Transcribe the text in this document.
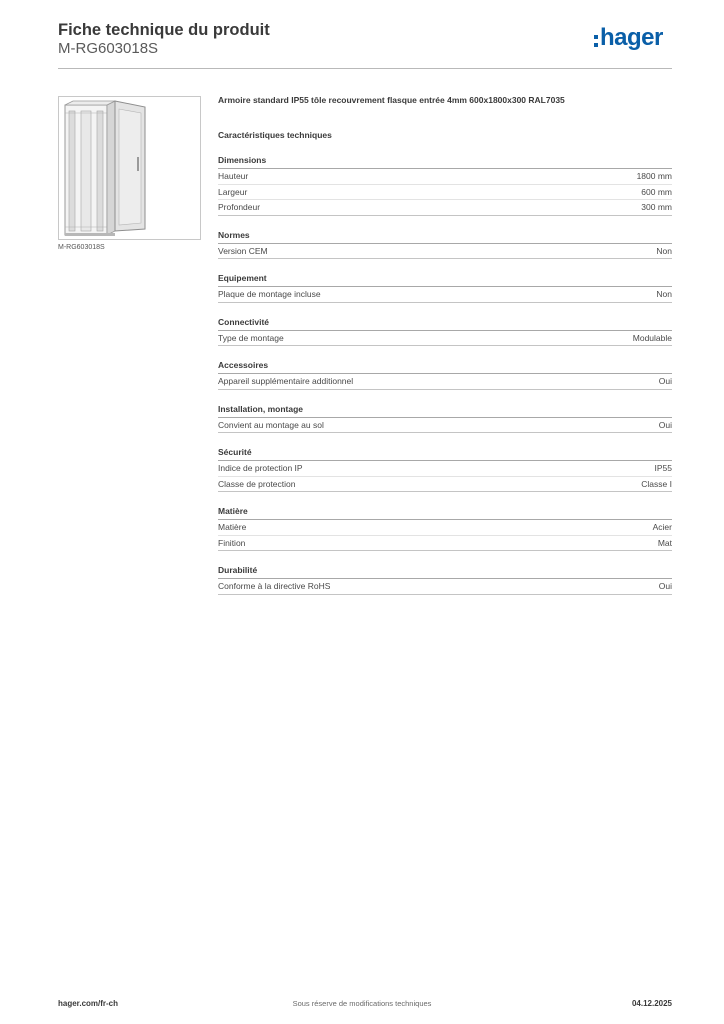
Fiche technique du produit
M-RG603018S	hager
M-RG603018S
Armoire standard IP55 tôle recouvrement flasque entrée 4mm 600x1800x300 RAL7035
Caractéristiques techniques
Dimensions
Hauteur	1800 mm
Largeur	600 mm
Profondeur	300 mm
Normes
Version CEM	Non
Equipement
Plaque de montage incluse	Non
Connectivité
Type de montage	Modulable
Accessoires
Appareil supplémentaire additionnel	Oui
Installation, montage
Convient au montage au sol	Oui
Sécurité
Indice de protection IP	IP55
Classe de protection	Classe I
Matière
Matière	Acier
Finition	Mat
Durabilité
Conforme à la directive RoHS	Oui
hager.com/fr-ch	Sous réserve de modifications techniques	04.12.2025
